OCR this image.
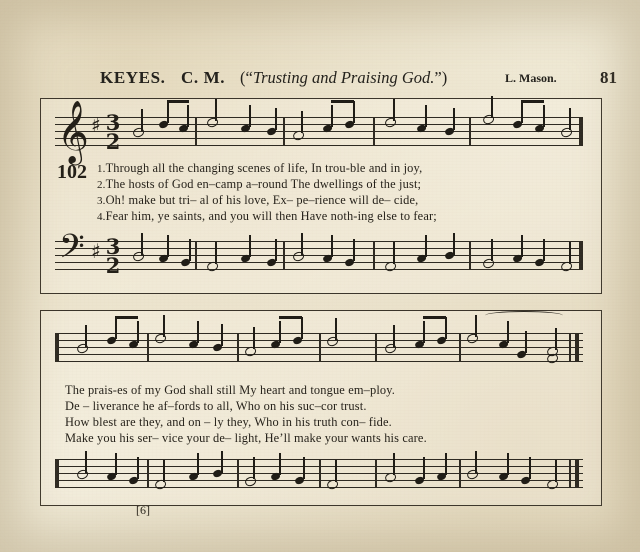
KEYES. C. M. (“Trusting and Praising God.”)	L. Mason.	81
𝄞 ♯ 3
2
102 1.Through all the changing scenes of life, In trou-ble and in joy,
2.The hosts of God en–camp a–round The dwellings of the just;
3.Oh! make but tri– al of his love, Ex– pe–rience will de– cide,
4.Fear him, ye saints, and you will then Have noth-ing else to fear;
𝄢 ♯ 3
2
The prais-es of my God shall still My heart and tongue em–ploy.
De – liverance he af–fords to all, Who on his suc–cor trust.
How blest are they, and on – ly they, Who in his truth con– fide.
Make you his ser– vice your de– light, He’ll make your wants his care.
[6]
